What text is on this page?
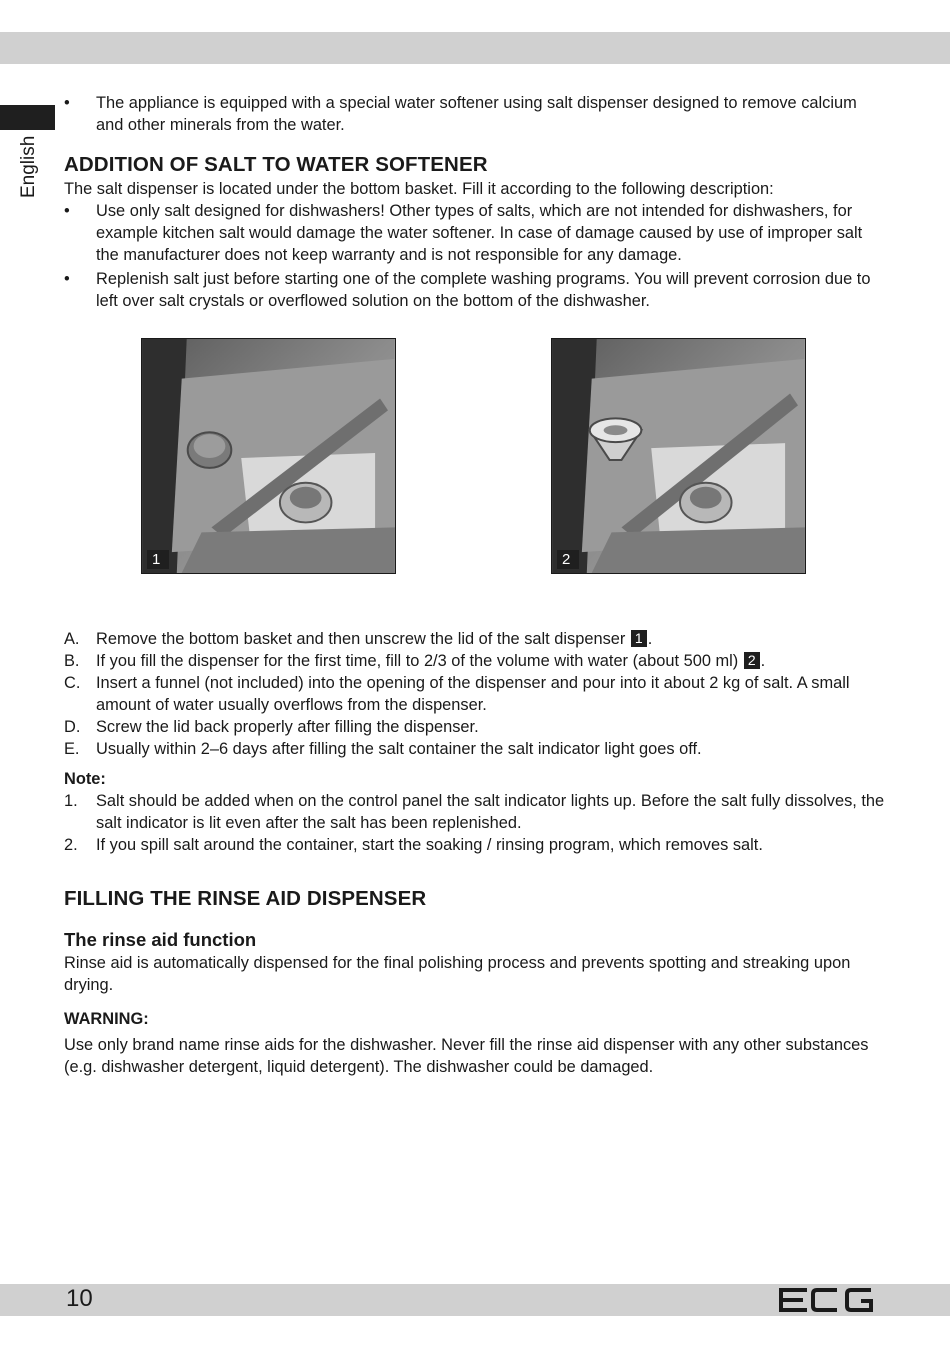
English
• The appliance is equipped with a special water softener using salt dispenser designed to remove calcium and other minerals from the water.
ADDITION OF SALT TO WATER SOFTENER

The salt dispenser is located under the bottom basket. Fill it according to the following description:

• Use only salt designed for dishwashers! Other types of salts, which are not intended for dishwashers, for example kitchen salt would damage the water softener. In case of damage caused by use of improper salt the manufacturer does not keep warranty and is not responsible for any damage.
• Replenish salt just before starting one of the complete washing programs. You will prevent corrosion due to left over salt crystals or overflowed solution on the bottom of the dishwasher.
1	2
A. Remove the bottom basket and then unscrew the lid of the salt dispenser 1 .
B. If you fill the dispenser for the first time, fill to 2/3 of the volume with water (about 500 ml) 2 .
C. Insert a funnel (not included) into the opening of the dispenser and pour into it about 2 kg of salt. A small amount of water usually overflows from the dispenser.
D. Screw the lid back properly after filling the dispenser.
E. Usually within 2–6 days after filling the salt container the salt indicator light goes off.

Note:

1. Salt should be added when on the control panel the salt indicator lights up. Before the salt fully dissolves, the salt indicator is lit even after the salt has been replenished.
2. If you spill salt around the container, start the soaking / rinsing program, which removes salt.
FILLING THE RINSE AID DISPENSER
The rinse aid function

Rinse aid is automatically dispensed for the final polishing process and prevents spotting and streaking upon drying.

WARNING:

Use only brand name rinse aids for the dishwasher. Never fill the rinse aid dispenser with any other substances (e.g. dishwasher detergent, liquid detergent). The dishwasher could be damaged.

10
